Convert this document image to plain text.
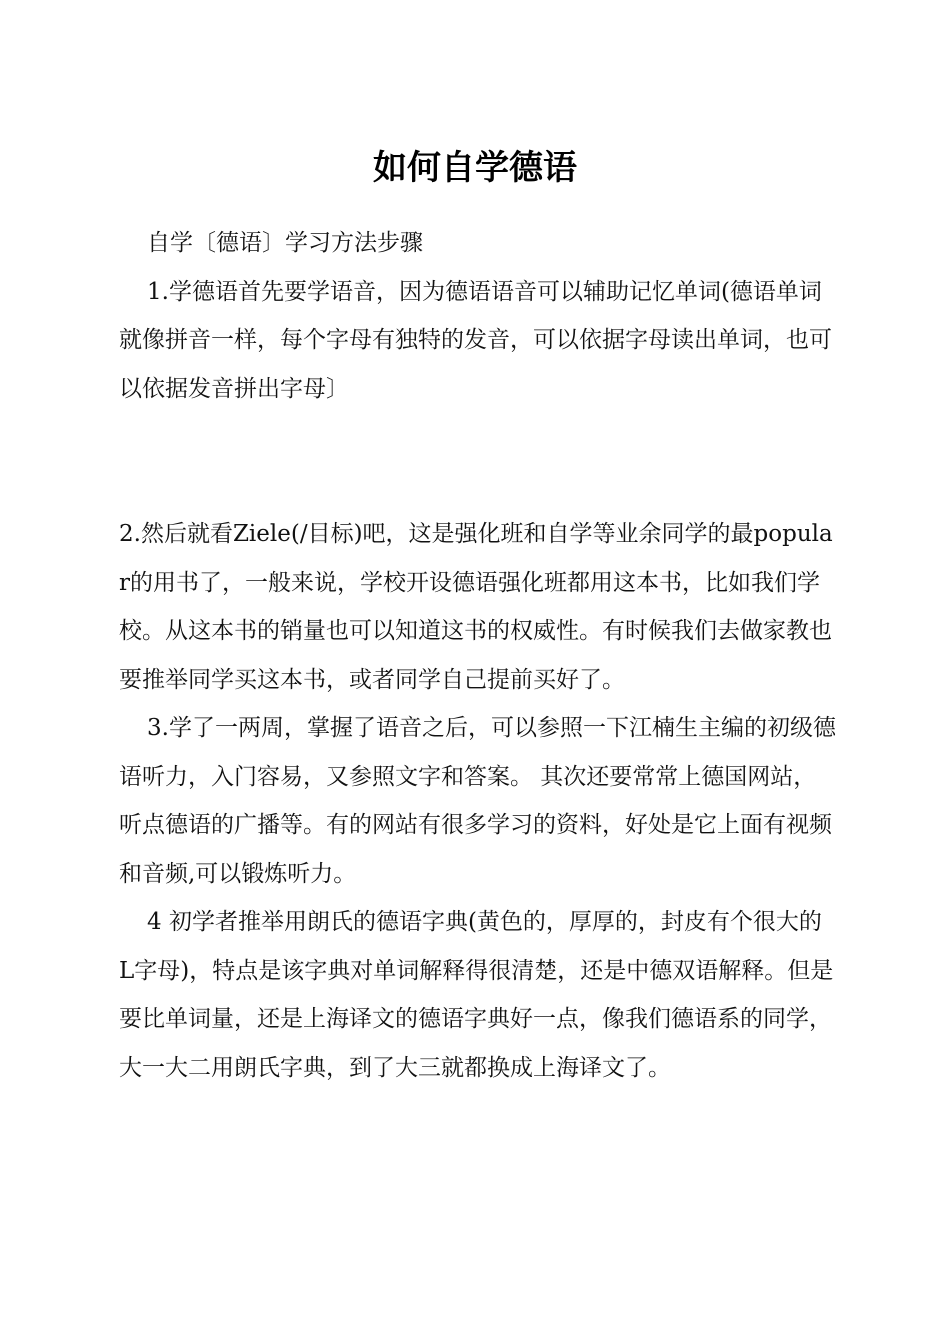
如何自学德语

自学〔德语〕学习方法步骤

1.学德语首先要学语音，因为德语语音可以辅助记忆单词(德语单词就像拼音一样，每个字母有独特的发音，可以依据字母读出单词，也可以依据发音拼出字母〕

2.然后就看Ziele(/目标)吧，这是强化班和自学等业余同学的最popular的用书了，一般来说，学校开设德语强化班都用这本书，比如我们学校。从这本书的销量也可以知道这书的权威性。有时候我们去做家教也要推举同学买这本书，或者同学自己提前买好了。

3.学了一两周，掌握了语音之后，可以参照一下江楠生主编的初级德语听力，入门容易，又参照文字和答案。 其次还要常常上德国网站，听点德语的广播等。有的网站有很多学习的资料，好处是它上面有视频和音频,可以锻炼听力。

4 初学者推举用朗氏的德语字典(黄色的，厚厚的，封皮有个很大的L字母)，特点是该字典对单词解释得很清楚，还是中德双语解释。但是要比单词量，还是上海译文的德语字典好一点，像我们德语系的同学，大一大二用朗氏字典，到了大三就都换成上海译文了。
